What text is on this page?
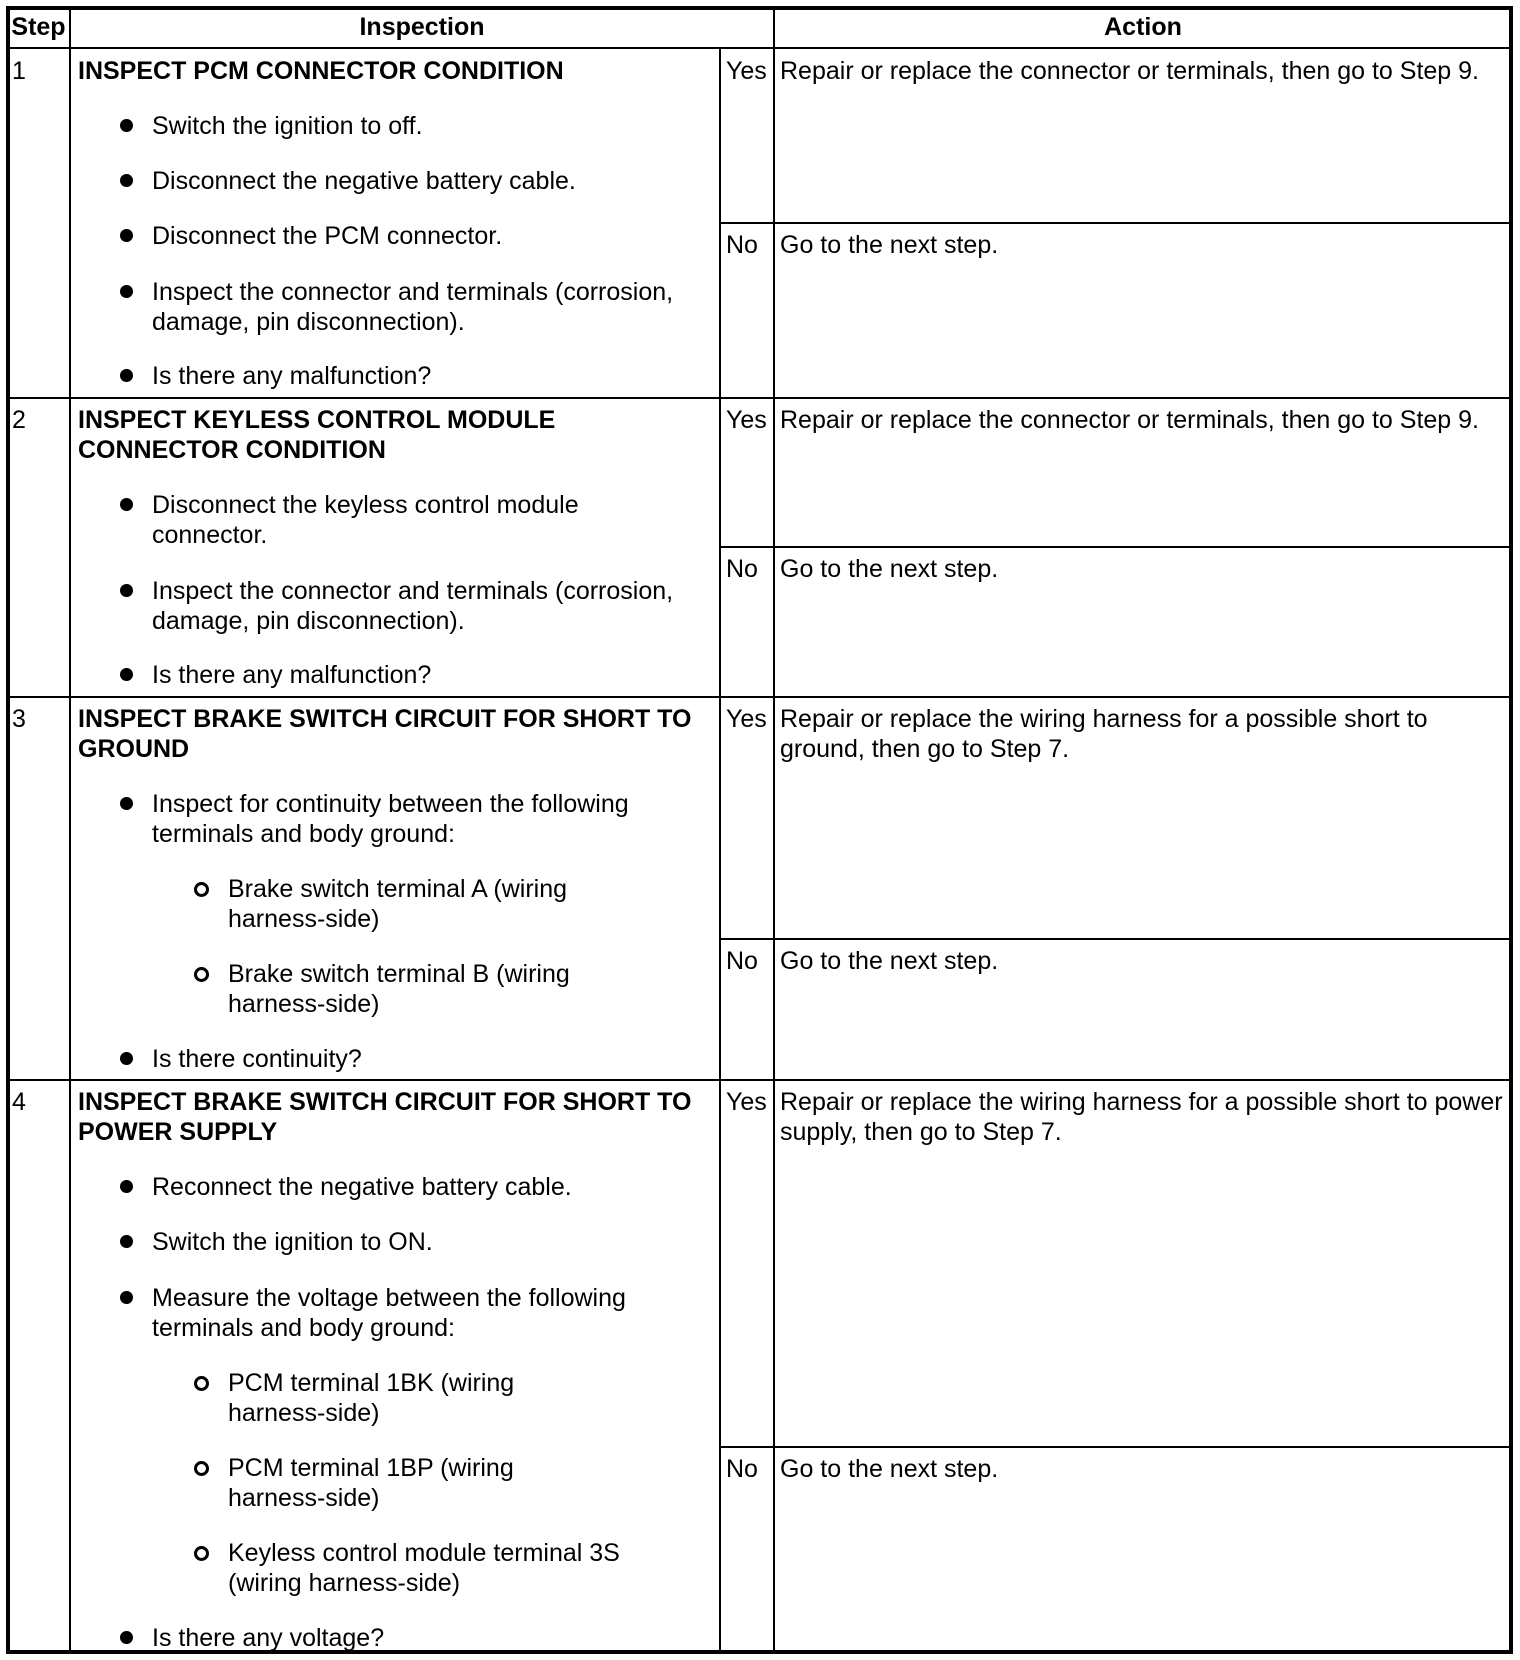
Step	Inspection	Action
1 INSPECT PCM CONNECTOR CONDITION
Switch the ignition to off.
Disconnect the negative battery cable.
Disconnect the PCM connector.
Inspect the connector and terminals (corrosion,
damage, pin disconnection).
Is there any malfunction?
Yes Repair or replace the connector or terminals, then go to Step 9.
No Go to the next step.
2 INSPECT KEYLESS CONTROL MODULE
CONNECTOR CONDITION
Disconnect the keyless control module
connector.
Inspect the connector and terminals (corrosion,
damage, pin disconnection).
Is there any malfunction?
Yes Repair or replace the connector or terminals, then go to Step 9.
No Go to the next step.
3 INSPECT BRAKE SWITCH CIRCUIT FOR SHORT TO
GROUND
Inspect for continuity between the following
terminals and body ground:
Brake switch terminal A (wiring
harness-side)
Brake switch terminal B (wiring
harness-side)
Is there continuity?
Yes Repair or replace the wiring harness for a possible short to
ground, then go to Step 7.
No Go to the next step.
4 INSPECT BRAKE SWITCH CIRCUIT FOR SHORT TO
POWER SUPPLY
Reconnect the negative battery cable.
Switch the ignition to ON.
Measure the voltage between the following
terminals and body ground:
PCM terminal 1BK (wiring
harness-side)
PCM terminal 1BP (wiring
harness-side)
Keyless control module terminal 3S
(wiring harness-side)
Is there any voltage?
Yes Repair or replace the wiring harness for a possible short to power
supply, then go to Step 7.
No Go to the next step.
